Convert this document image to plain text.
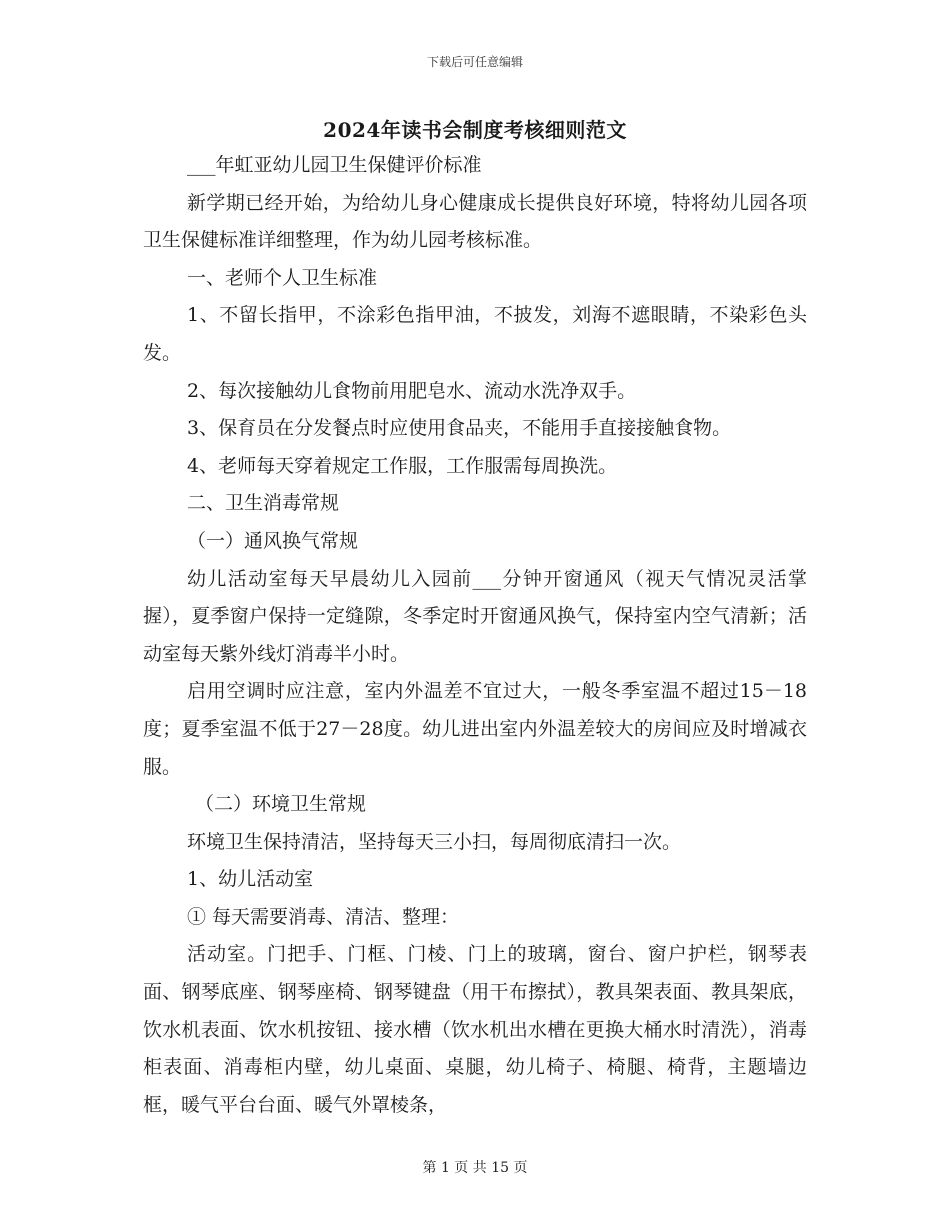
下载后可任意编辑
2024年读书会制度考核细则范文

___年虹亚幼儿园卫生保健评价标准

新学期已经开始，为给幼儿身心健康成长提供良好环境，特将幼儿园各项卫生保健标准详细整理，作为幼儿园考核标准。

一、老师个人卫生标准

1、不留长指甲，不涂彩色指甲油，不披发，刘海不遮眼睛，不染彩色头发。

2、每次接触幼儿食物前用肥皂水、流动水洗净双手。

3、保育员在分发餐点时应使用食品夹，不能用手直接接触食物。

4、老师每天穿着规定工作服，工作服需每周换洗。

二、卫生消毒常规

（一）通风换气常规

幼儿活动室每天早晨幼儿入园前___分钟开窗通风（视天气情况灵活掌握），夏季窗户保持一定缝隙，冬季定时开窗通风换气，保持室内空气清新；活动室每天紫外线灯消毒半小时。

启用空调时应注意，室内外温差不宜过大，一般冬季室温不超过15－18度；夏季室温不低于27－28度。幼儿进出室内外温差较大的房间应及时增减衣服。

（二）环境卫生常规

环境卫生保持清洁，坚持每天三小扫，每周彻底清扫一次。

1、幼儿活动室

① 每天需要消毒、清洁、整理：

活动室。门把手、门框、门棱、门上的玻璃，窗台、窗户护栏，钢琴表面、钢琴底座、钢琴座椅、钢琴键盘（用干布擦拭），教具架表面、教具架底，饮水机表面、饮水机按钮、接水槽（饮水机出水槽在更换大桶水时清洗），消毒柜表面、消毒柜内壁，幼儿桌面、桌腿，幼儿椅子、椅腿、椅背，主题墙边框，暖气平台台面、暖气外罩棱条，

第 1 页 共 15 页
